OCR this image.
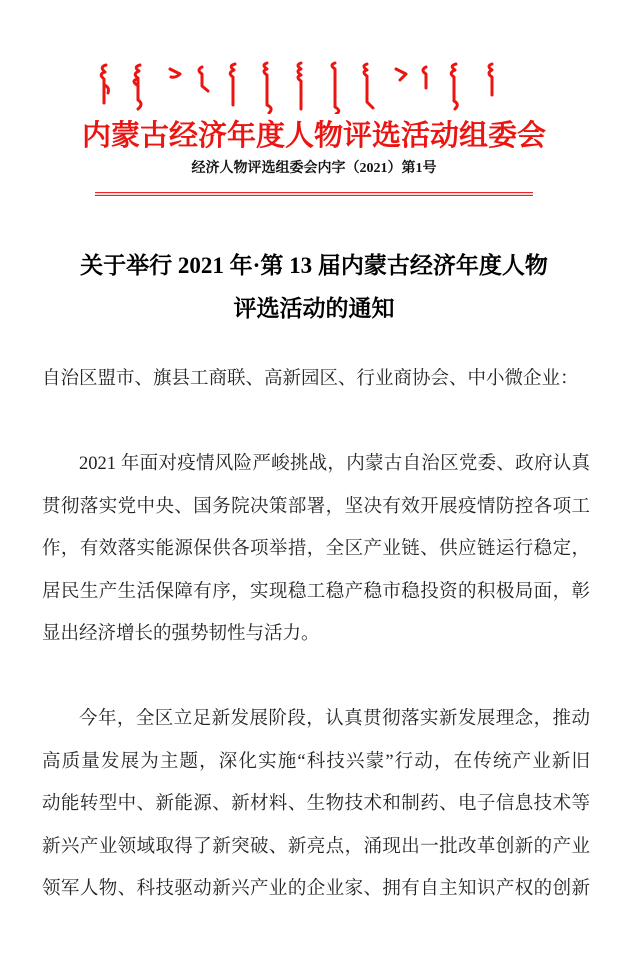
内蒙古经济年度人物评选活动组委会
经济人物评选组委会内字（2021）第1号
关于举行 2021 年·第 13 届内蒙古经济年度人物
评选活动的通知
自治区盟市、旗县工商联、高新园区、行业商协会、中小微企业：
2021 年面对疫情风险严峻挑战，内蒙古自治区党委、政府认真
贯彻落实党中央、国务院决策部署，坚决有效开展疫情防控各项工
作，有效落实能源保供各项举措，全区产业链、供应链运行稳定，
居民生产生活保障有序，实现稳工稳产稳市稳投资的积极局面，彰
显出经济增长的强势韧性与活力。
今年，全区立足新发展阶段，认真贯彻落实新发展理念，推动
高质量发展为主题，深化实施“科技兴蒙”行动，在传统产业新旧
动能转型中、新能源、新材料、生物技术和制药、电子信息技术等
新兴产业领域取得了新突破、新亮点，涌现出一批改革创新的产业
领军人物、科技驱动新兴产业的企业家、拥有自主知识产权的创新
